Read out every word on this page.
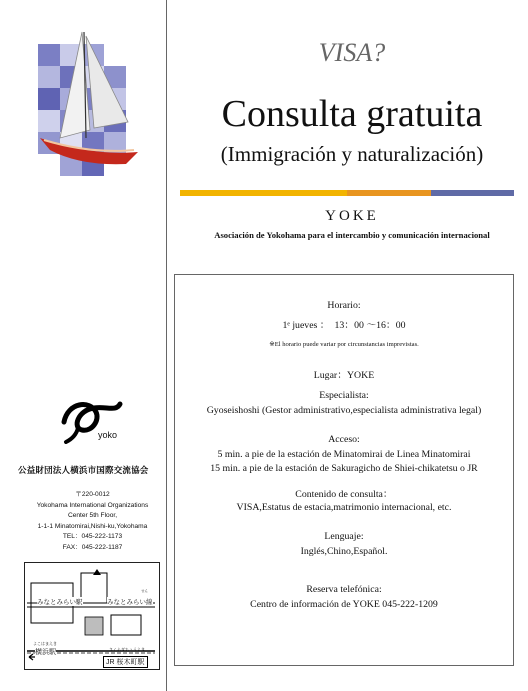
yoko
公益財団法人横浜市国際交流協会
〒220-0012
Yokohama International Organizations
Center 5th Floor,
1-1-1 Minatomirai,Nishi-ku,Yokohama
TEL：045-222-1173
FAX：045-222-1187
みなとみらい駅	みなとみらい線
せん
よこはまえき
横浜駅	さくらぎちょうえき
JR 桜木町駅
VISA?
Consulta gratuita
(Immigración y naturalización)
YOKE
Asociación de Yokohama para el intercambio y comunicación internacional
Horario:
1ᵉ jueves ：　13：00 ～16：00
※El horario puede variar por circunstancias imprevistas.
Lugar：YOKE
Especialista:
Gyoseishoshi (Gestor administrativo,especialista administrativa legal)
Acceso:
5 min. a pie de la estación de Minatomirai de Linea Minatomirai
15 min. a pie de la estación de Sakuragicho de Shiei-chikatetsu o JR
Contenido de consulta：
VISA,Estatus de estacia,matrimonio internacional, etc.
Lenguaje:
Inglés,Chino,Español.
Reserva telefónica:
Centro de información de YOKE 045-222-1209
